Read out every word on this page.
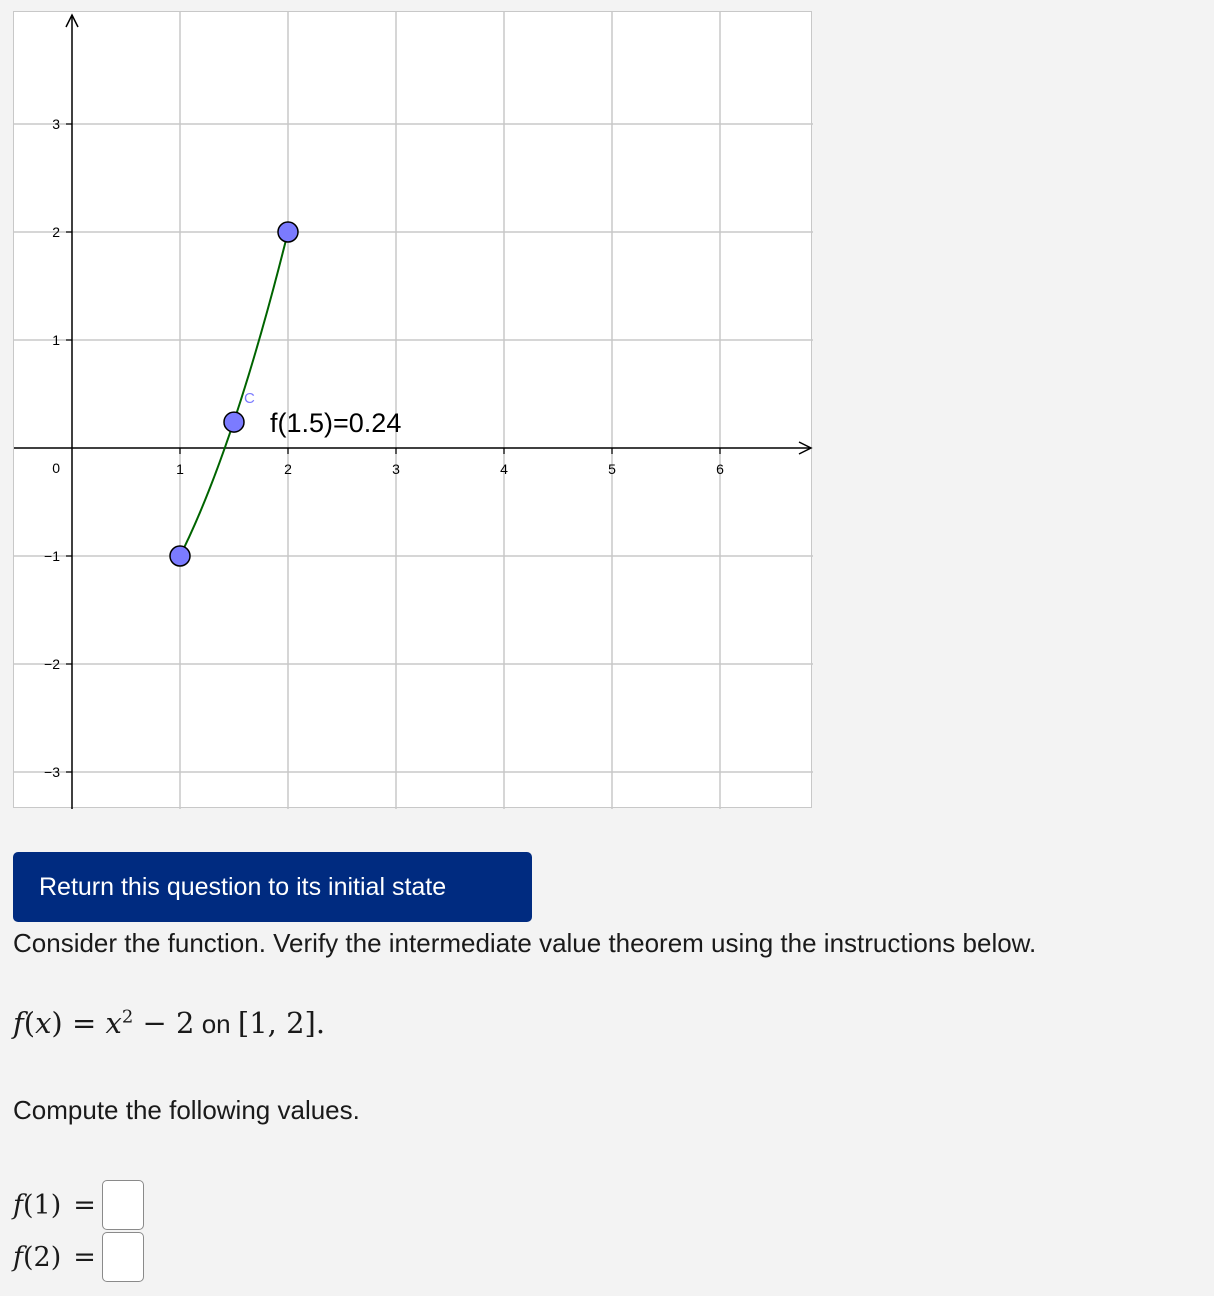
1	2	3	4	5	6
3
2
1
0
−1
−2
−3
C
f(1.5)=0.24
Return this question to its initial state
Consider the function. Verify the intermediate value theorem using the instructions below.
$f(x) = x^2 - 2$ on [1, 2].
Compute the following values.
f(1) =
f(2) =
